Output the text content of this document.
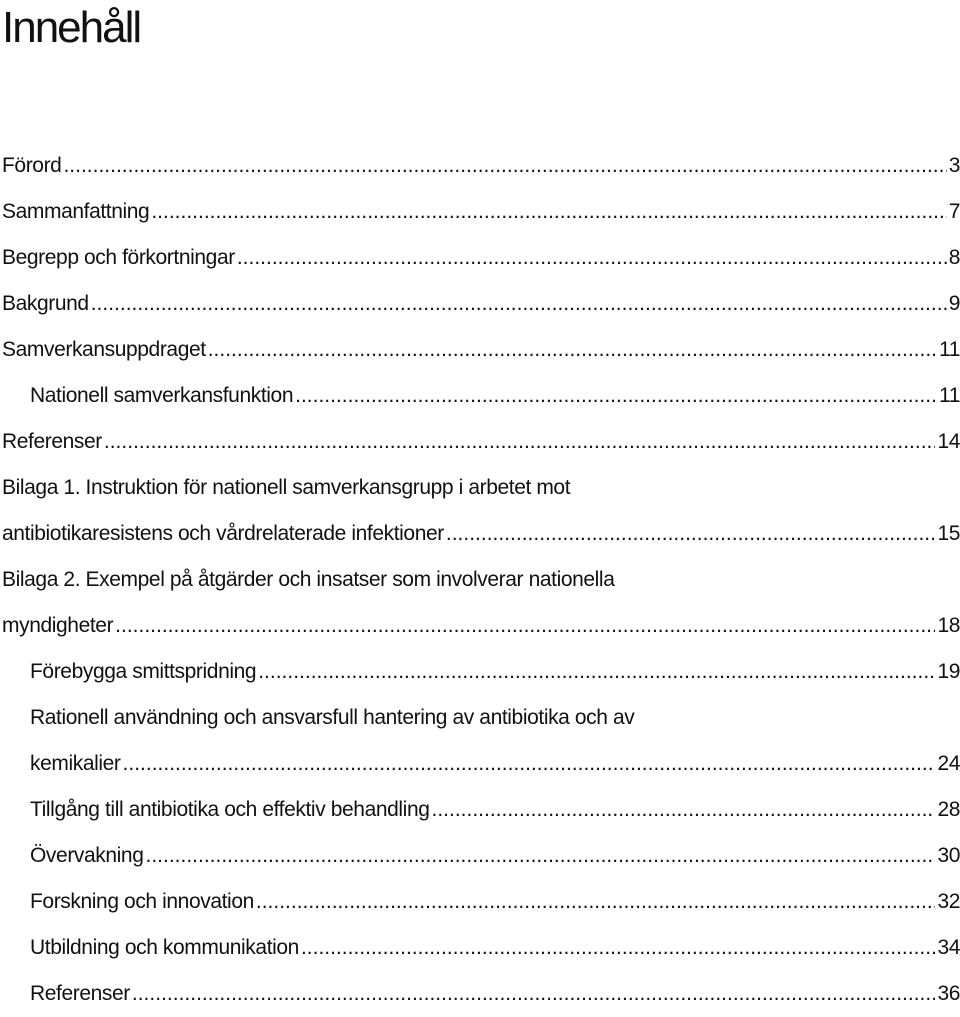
Innehåll
Förord .....	3
Sammanfattning .....	7
Begrepp och förkortningar .....	8
Bakgrund .....	9
Samverkansuppdraget .....	11
Nationell samverkansfunktion .....	11
Referenser .....	14
Bilaga 1. Instruktion för nationell samverkansgrupp i arbetet mot
antibiotikaresistens och vårdrelaterade infektioner .....	15
Bilaga 2. Exempel på åtgärder och insatser som involverar nationella
myndigheter .....	18
Förebygga smittspridning .....	19
Rationell användning och ansvarsfull hantering av antibiotika och av
kemikalier .....	24
Tillgång till antibiotika och effektiv behandling .....	28
Övervakning .....	30
Forskning och innovation .....	32
Utbildning och kommunikation .....	34
Referenser .....	36
